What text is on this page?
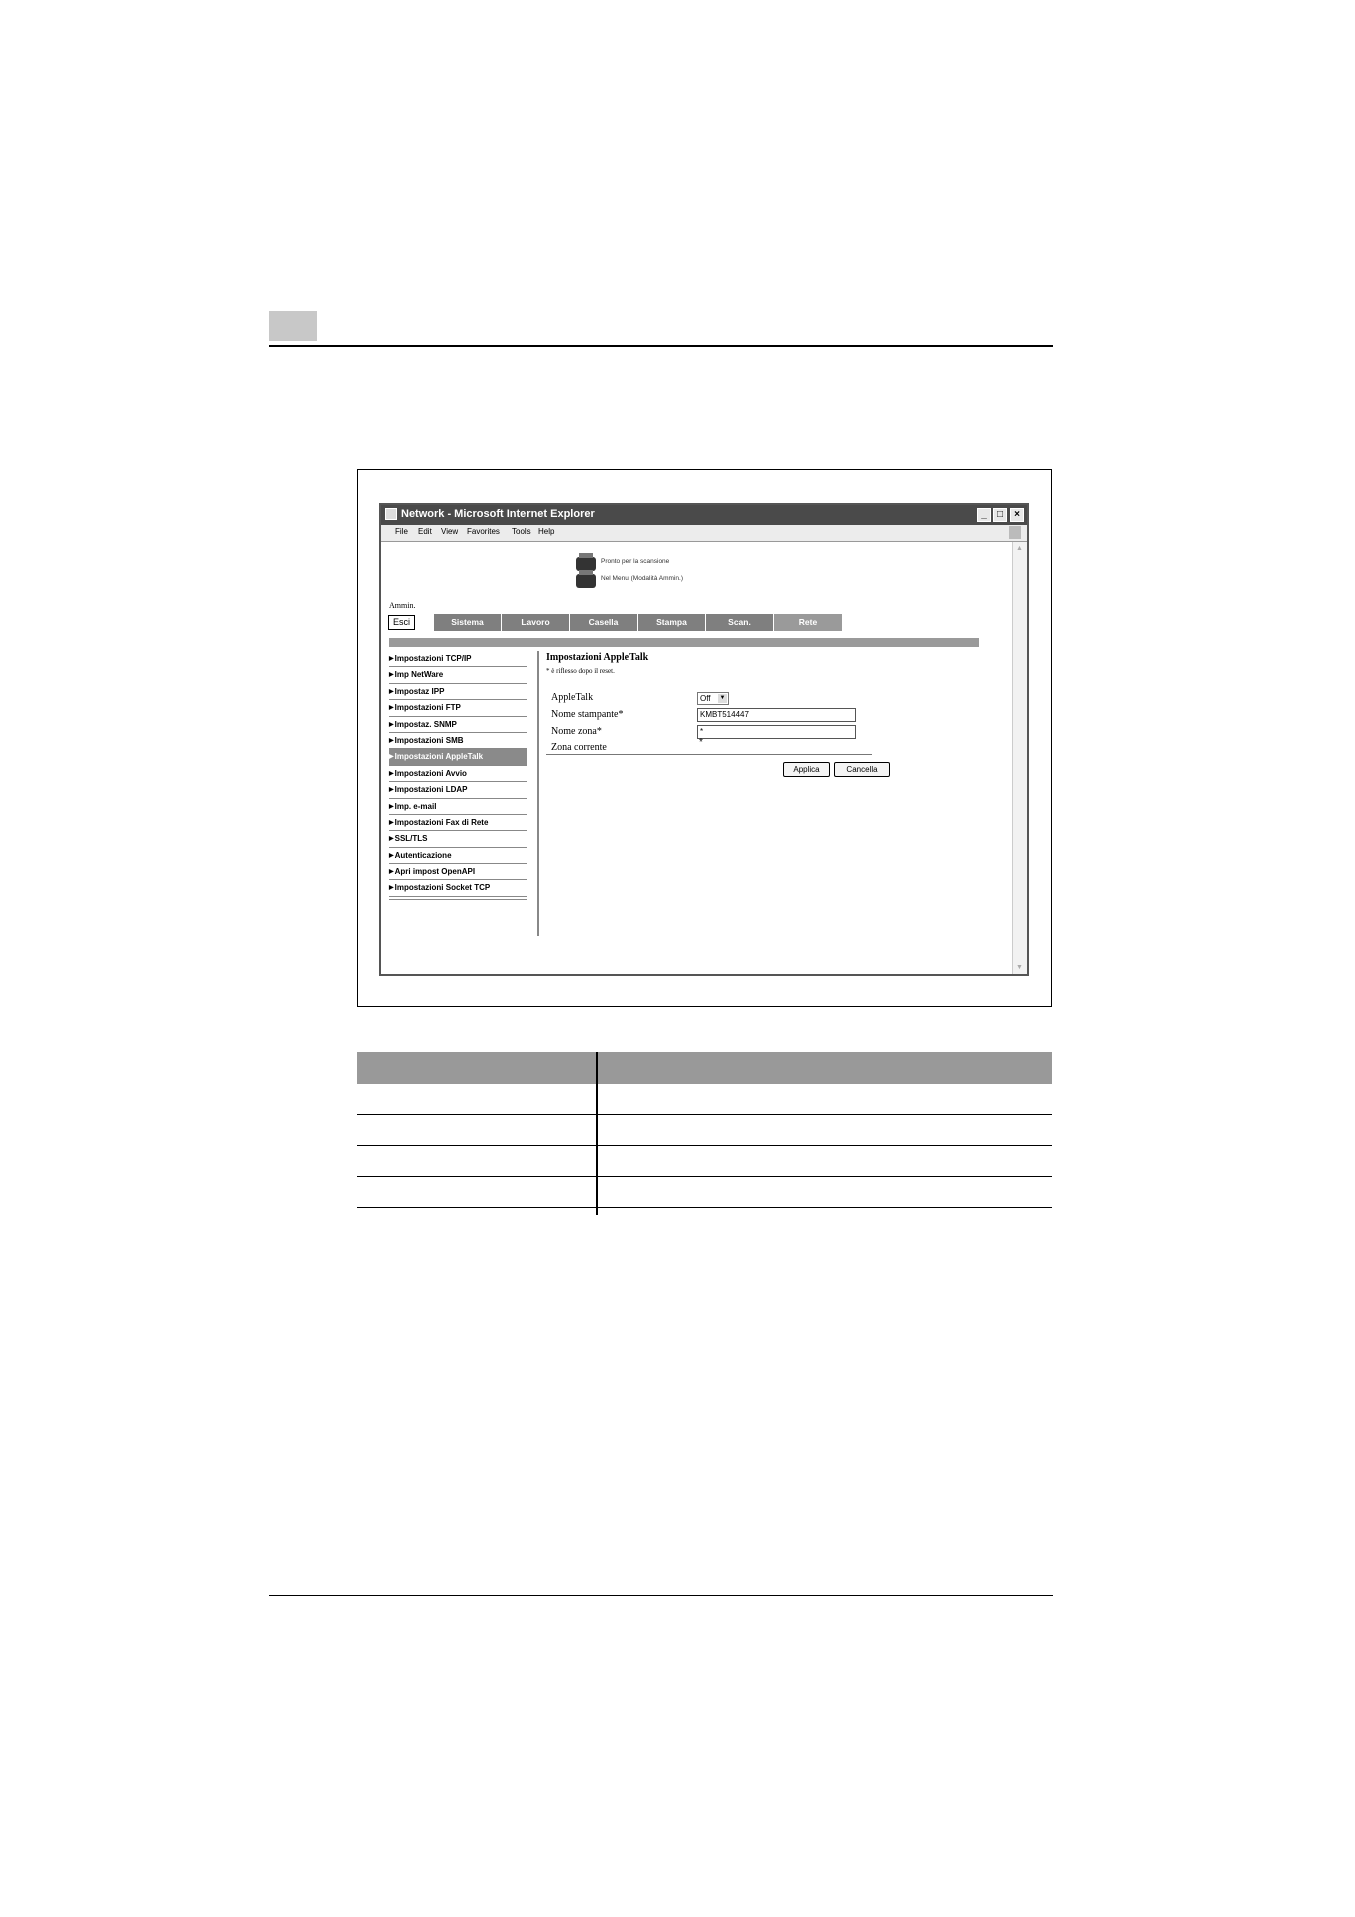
Network - Microsoft Internet Explorer	_	□	×
File Edit View Favorites Tools Help
Pronto per la scansione
Nel Menu (Modalità Ammin.)
Ammin.
Esci	Sistema	Lavoro	Casella	Stampa	Scan.	Rete
▶Impostazioni TCP/IP
▶Imp NetWare
▶Impostaz IPP
▶Impostazioni FTP
▶Impostaz. SNMP
▶Impostazioni SMB
▶Impostazioni AppleTalk
▶Impostazioni Avvio
▶Impostazioni LDAP
▶Imp. e-mail
▶Impostazioni Fax di Rete
▶SSL/TLS
▶Autenticazione
▶Apri impost OpenAPI
▶Impostazioni Socket TCP
Impostazioni AppleTalk
* è riflesso dopo il reset.
AppleTalk	Off ▼
Nome stampante*	KMBT514447
Nome zona*	*
Zona corrente	*
Applica	Cancella
▲
▼
